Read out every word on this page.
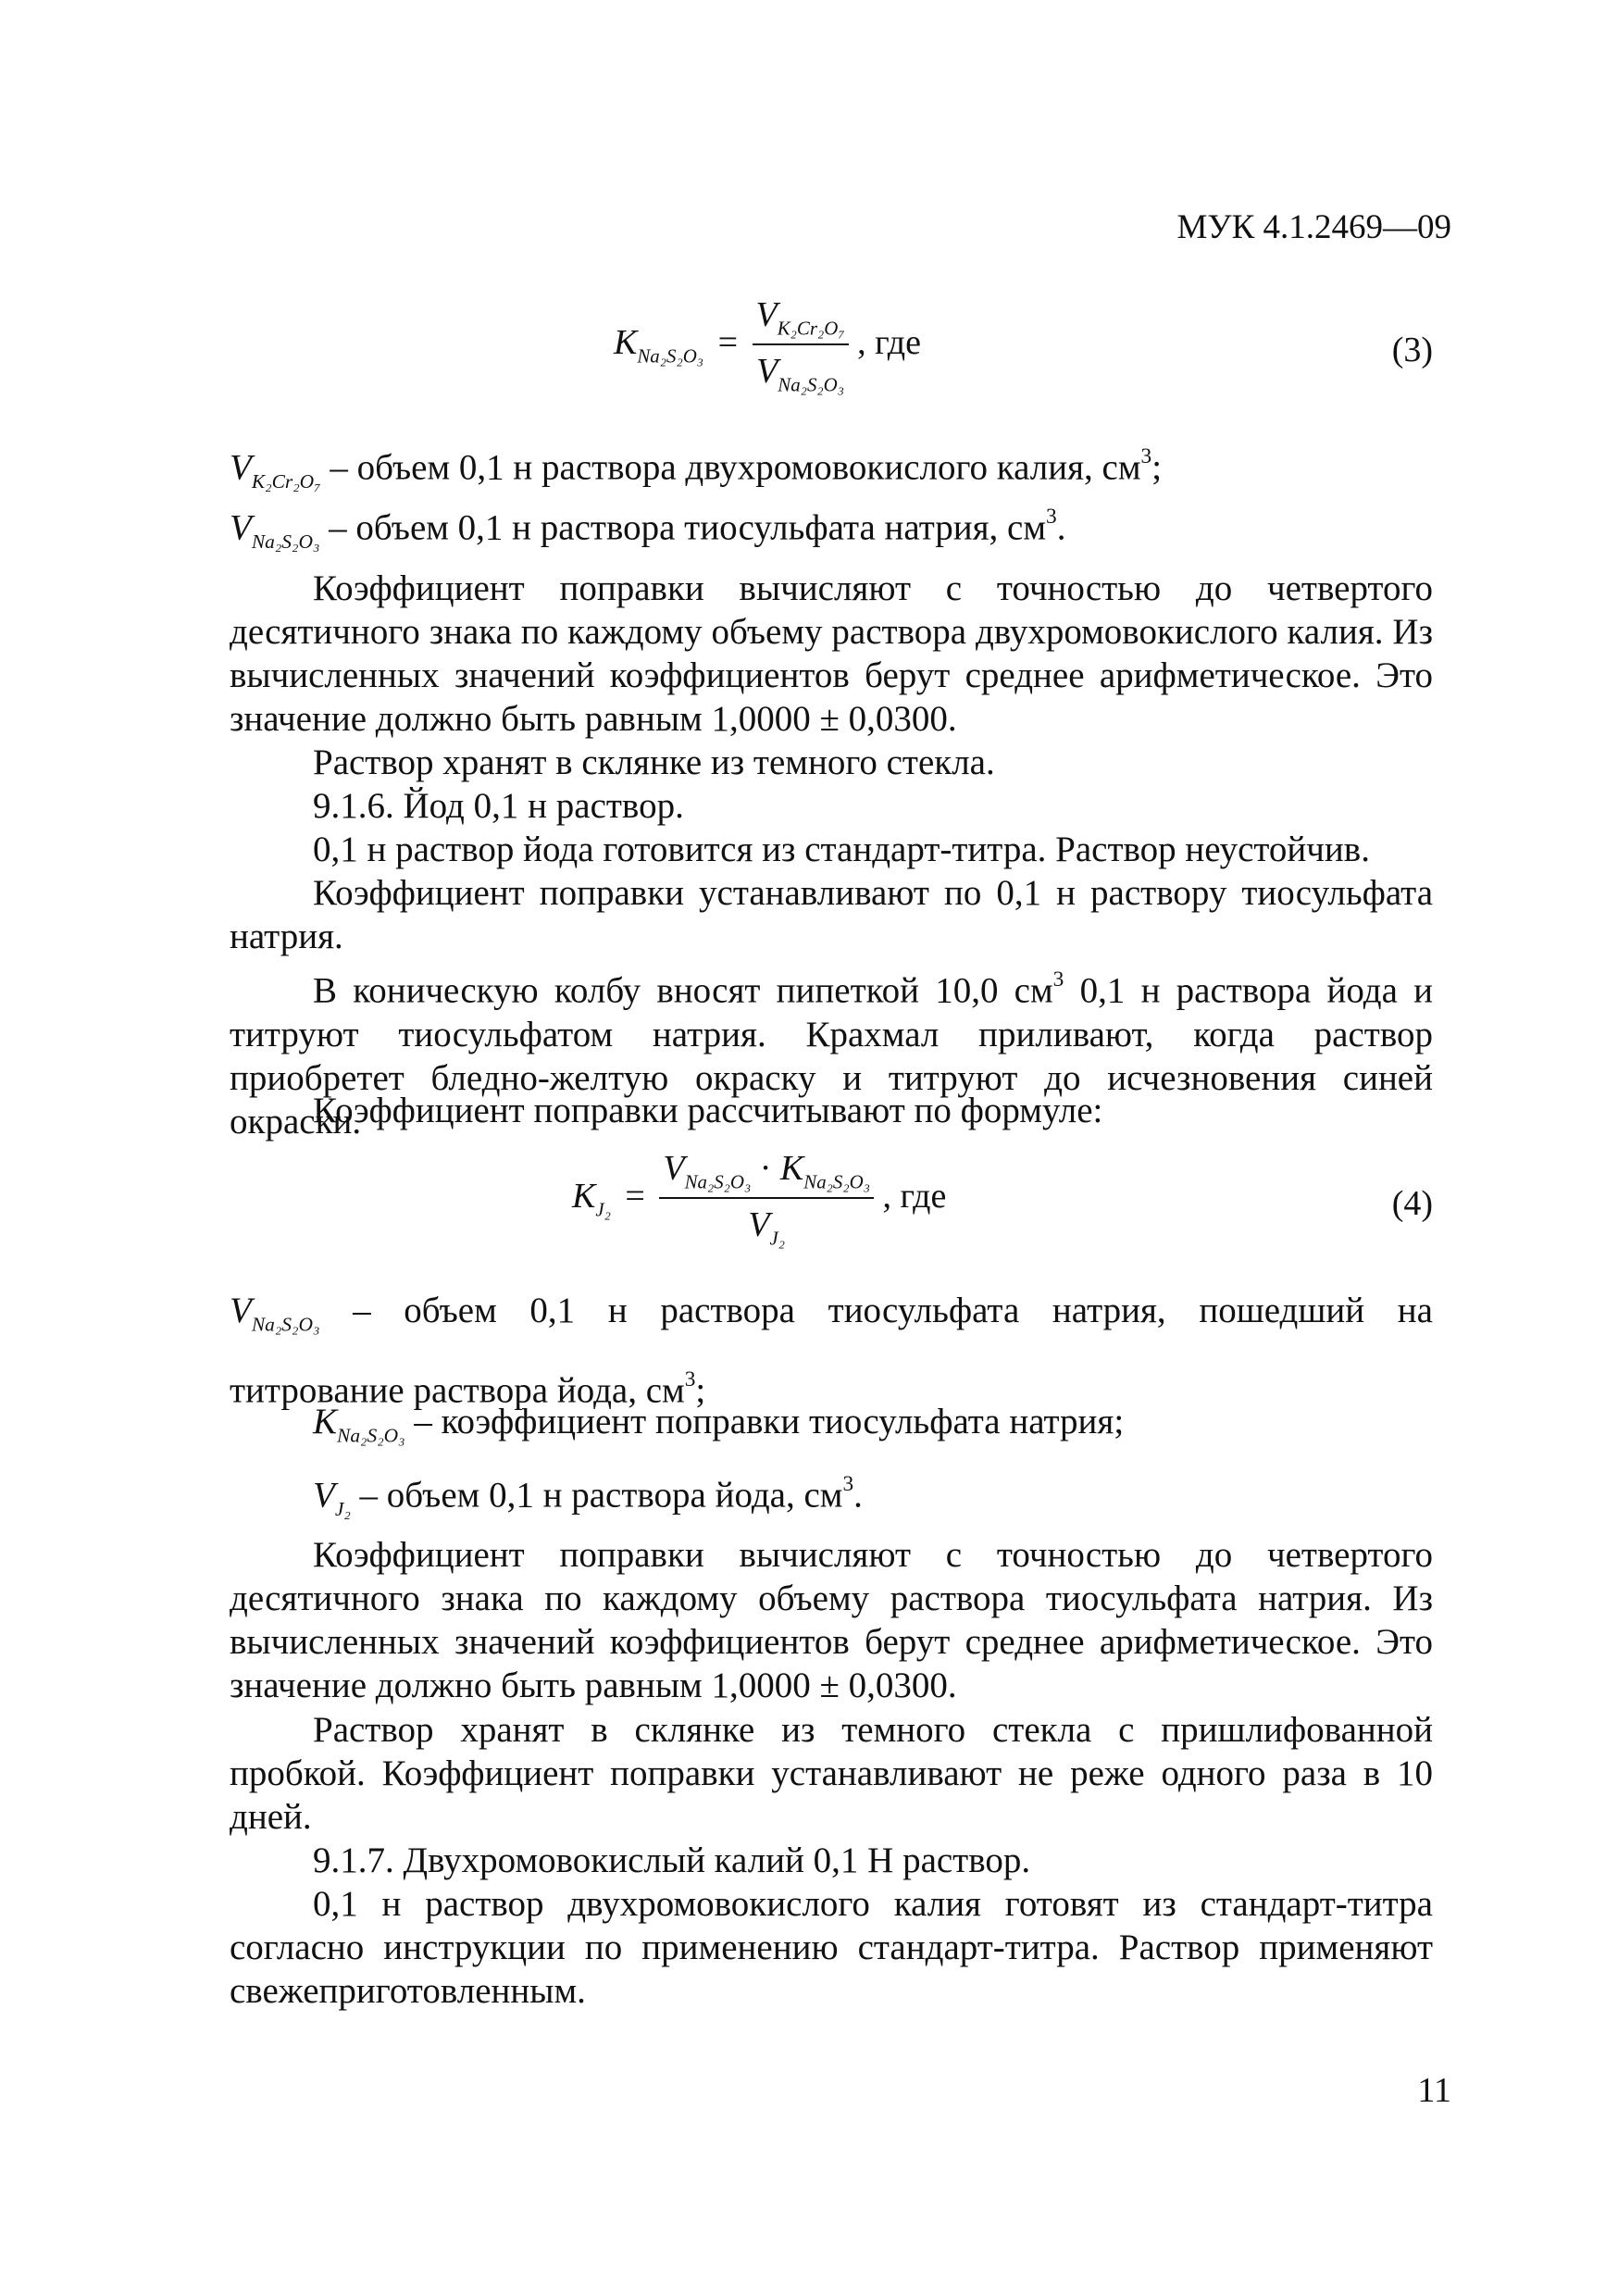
МУК 4.1.2469—09
$K_{Na_2S_2O_3} = \frac{V_{K_2Cr_2O_7}}{V_{Na_2S_2O_3}}$ , где	(3)
$V_{K_2Cr_2O_7}$ – объем 0,1 н раствора двухромовокислого калия, $см^3$;
$V_{Na_2S_2O_3}$ – объем 0,1 н раствора тиосульфата натрия, $см^3$.
Коэффициент поправки вычисляют с точностью до четвертого десятичного знака по каждому объему раствора двухромовокислого калия. Из вычисленных значений коэффициентов берут среднее арифметическое. Это значение должно быть равным 1,0000 ± 0,0300.
Раствор хранят в склянке из темного стекла.
9.1.6. Йод 0,1 н раствор.
0,1 н раствор йода готовится из стандарт-титра. Раствор неустойчив.
Коэффициент поправки устанавливают по 0,1 н раствору тиосульфата натрия.
В коническую колбу вносят пипеткой 10,0 $см^3$ 0,1 н раствора йода и титруют тиосульфатом натрия. Крахмал приливают, когда раствор приобретет бледно-желтую окраску и титруют до исчезновения синей окраски.
Коэффициент поправки рассчитывают по формуле:
$K_{J_2} = \frac{V_{Na_2S_2O_3} \cdot K_{Na_2S_2O_3}}{V_{J_2}}$ , где	(4)
$V_{Na_2S_2O_3}$ – объем 0,1 н раствора тиосульфата натрия, пошедший на
титрование раствора йода, $см^3$;
$K_{Na_2S_2O_3}$ – коэффициент поправки тиосульфата натрия;
$V_{J_2}$ – объем 0,1 н раствора йода, $см^3$.
Коэффициент поправки вычисляют с точностью до четвертого десятичного знака по каждому объему раствора тиосульфата натрия. Из вычисленных значений коэффициентов берут среднее арифметическое. Это значение должно быть равным 1,0000 ± 0,0300.
Раствор хранят в склянке из темного стекла с пришлифованной пробкой. Коэффициент поправки устанавливают не реже одного раза в 10 дней.
9.1.7. Двухромовокислый калий 0,1 Н раствор.
0,1 н раствор двухромовокислого калия готовят из стандарт-титра согласно инструкции по применению стандарт-титра. Раствор применяют свежеприготовленным.
11
